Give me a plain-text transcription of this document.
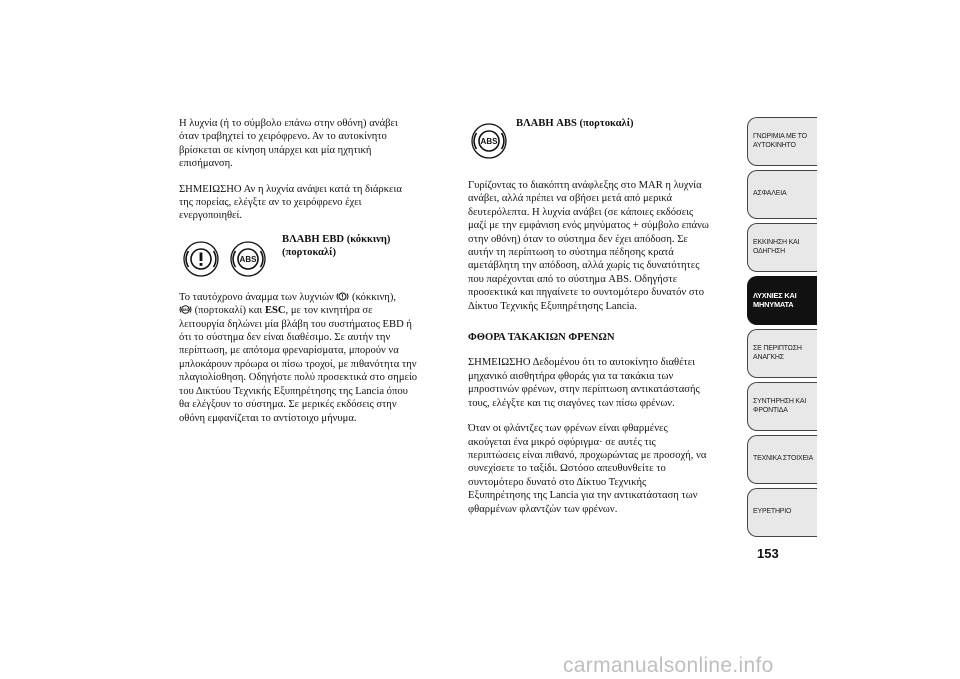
Η λυχνία (ή το σύμβολο επάνω στην οθόνη) ανάβει
όταν τραβηχτεί το χειρόφρενο. Αν το αυτοκίνητο
βρίσκεται σε κίνηση υπάρχει και μία ηχητική
επισήμανση.

ΣΗΜΕΙΩΣΗΟ Αν η λυχνία ανάψει κατά τη διάρκεια
της πορείας, ελέγξτε αν το χειρόφρενο έχει
ενεργοποιηθεί.

ABS
ΒΛΑΒΗ EBD (κόκκινη)
(πορτοκαλί)

Το ταυτόχρονο άναμμα των λυχνιών (κόκκινη),

ABS (πορτοκαλί) και ESC, με τον κινητήρα σε
λειτουργία δηλώνει μία βλάβη του συστήματος EBD ή
ότι το σύστημα δεν είναι διαθέσιμο. Σε αυτήν την
περίπτωση, με απότομα φρεναρίσματα, μπορούν να
μπλοκάρουν πρόωρα οι πίσω τροχοί, με πιθανότητα την
πλαγιολίσθηση. Οδηγήστε πολύ προσεκτικά στο σημείο
του Δικτύου Τεχνικής Εξυπηρέτησης της Lancia όπου
θα ελέγξουν το σύστημα. Σε μερικές εκδόσεις στην
οθόνη εμφανίζεται το αντίστοιχο μήνυμα.

ABS
ΒΛΑΒΗ ABS (πορτοκαλί)

Γυρίζοντας το διακόπτη ανάφλεξης στο MAR η λυχνία
ανάβει, αλλά πρέπει να σβήσει μετά από μερικά
δευτερόλεπτα. Η λυχνία ανάβει (σε κάποιες εκδόσεις
μαζί με την εμφάνιση ενός μηνύματος + σύμβολο επάνω
στην οθόνη) όταν το σύστημα δεν έχει απόδοση. Σε
αυτήν τη περίπτωση το σύστημα πέδησης κρατά
αμετάβλητη την απόδοση, αλλά χωρίς τις δυνατότητες
που παρέχονται από το σύστημα ABS. Οδηγήστε
προσεκτικά και πηγαίνετε το συντομότερο δυνατόν στο
Δίκτυο Τεχνικής Εξυπηρέτησης Lancia.

ΦΘΟΡΑ ΤΑΚΑΚΙΩΝ ΦΡΕΝΩΝ

ΣΗΜΕΙΩΣΗΟ Δεδομένου ότι το αυτοκίνητο διαθέτει
μηχανικό αισθητήρα φθοράς για τα τακάκια των
μπροστινών φρένων, στην περίπτωση αντικατάστασής
τους, ελέγξτε και τις σιαγόνες των πίσω φρένων.

Όταν οι φλάντζες των φρένων είναι φθαρμένες
ακούγεται ένα μικρό σφύριγμα· σε αυτές τις
περιπτώσεις είναι πιθανό, προχωρώντας με προσοχή, να
συνεχίσετε το ταξίδι. Ωστόσο απευθυνθείτε το
συντομότερο δυνατό στο Δίκτυο Τεχνικής
Εξυπηρέτησης της Lancia για την αντικατάσταση των
φθαρμένων φλαντζών των φρένων.

ΓΝΩΡΙΜΙΑ ΜΕ ΤΟ
ΑΥΤΟΚΙΝΗΤΟ
ΑΣΦΑΛΕΙΑ
ΕΚΚΙΝΗΣΗ ΚΑΙ
ΟΔΗΓΗΣΗ
ΛΥΧΝΙΕΣ ΚΑΙ
ΜΗΝΥΜΑΤΑ
ΣΕ ΠΕΡΙΠΤΩΣΗ
ΑΝΑΓΚΗΣ
ΣΥΝΤΗΡΗΣΗ ΚΑΙ
ΦΡΟΝΤΙΔΑ
ΤΕΧΝΙΚΑ ΣΤΟΙΧΕΙΑ
ΕΥΡΕΤΗΡΙΟ
153
carmanualsonline.info
